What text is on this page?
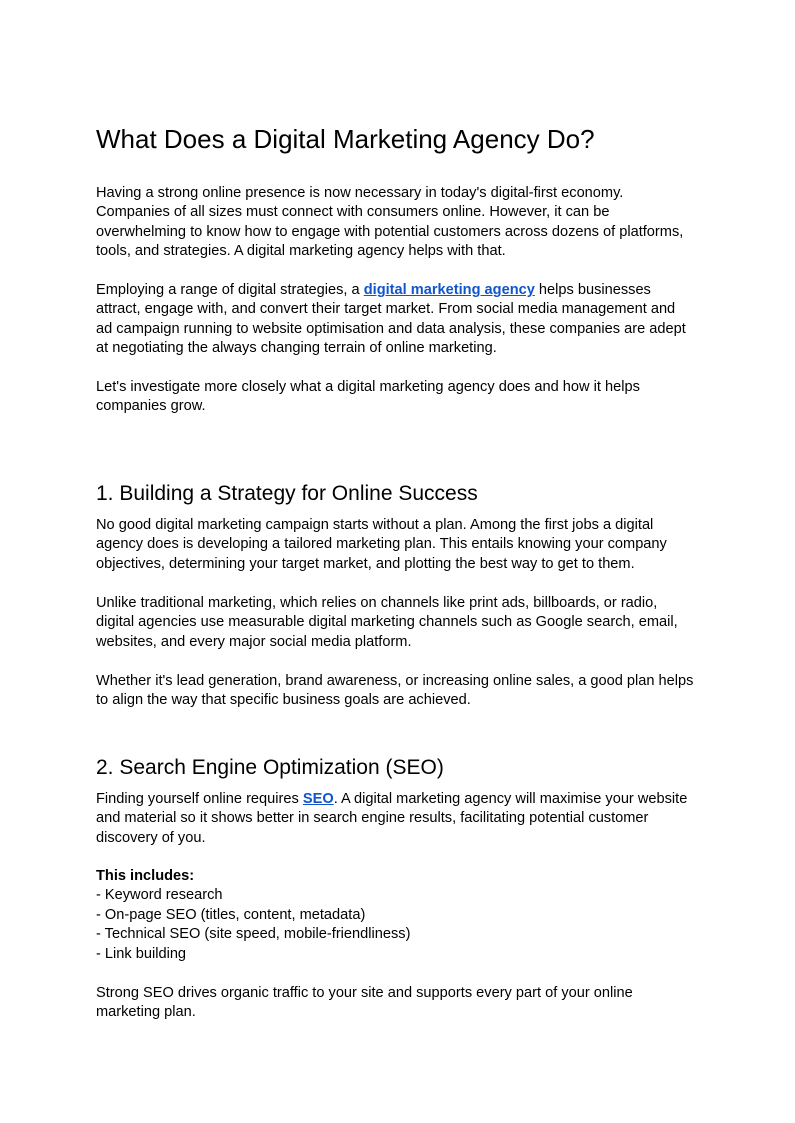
What Does a Digital Marketing Agency Do?

Having a strong online presence is now necessary in today's digital-first economy.
Companies of all sizes must connect with consumers online. However, it can be
overwhelming to know how to engage with potential customers across dozens of platforms,
tools, and strategies. A digital marketing agency helps with that.

Employing a range of digital strategies, a digital marketing agency helps businesses
attract, engage with, and convert their target market. From social media management and
ad campaign running to website optimisation and data analysis, these companies are adept
at negotiating the always changing terrain of online marketing.

Let's investigate more closely what a digital marketing agency does and how it helps
companies grow.

1. Building a Strategy for Online Success

No good digital marketing campaign starts without a plan. Among the first jobs a digital
agency does is developing a tailored marketing plan. This entails knowing your company
objectives, determining your target market, and plotting the best way to get to them.

Unlike traditional marketing, which relies on channels like print ads, billboards, or radio,
digital agencies use measurable digital marketing channels such as Google search, email,
websites, and every major social media platform.

Whether it's lead generation, brand awareness, or increasing online sales, a good plan helps
to align the way that specific business goals are achieved.

2. Search Engine Optimization (SEO)

Finding yourself online requires SEO. A digital marketing agency will maximise your website
and material so it shows better in search engine results, facilitating potential customer
discovery of you.

This includes:
- Keyword research
- On-page SEO (titles, content, metadata)
- Technical SEO (site speed, mobile-friendliness)
- Link building

Strong SEO drives organic traffic to your site and supports every part of your online
marketing plan.
